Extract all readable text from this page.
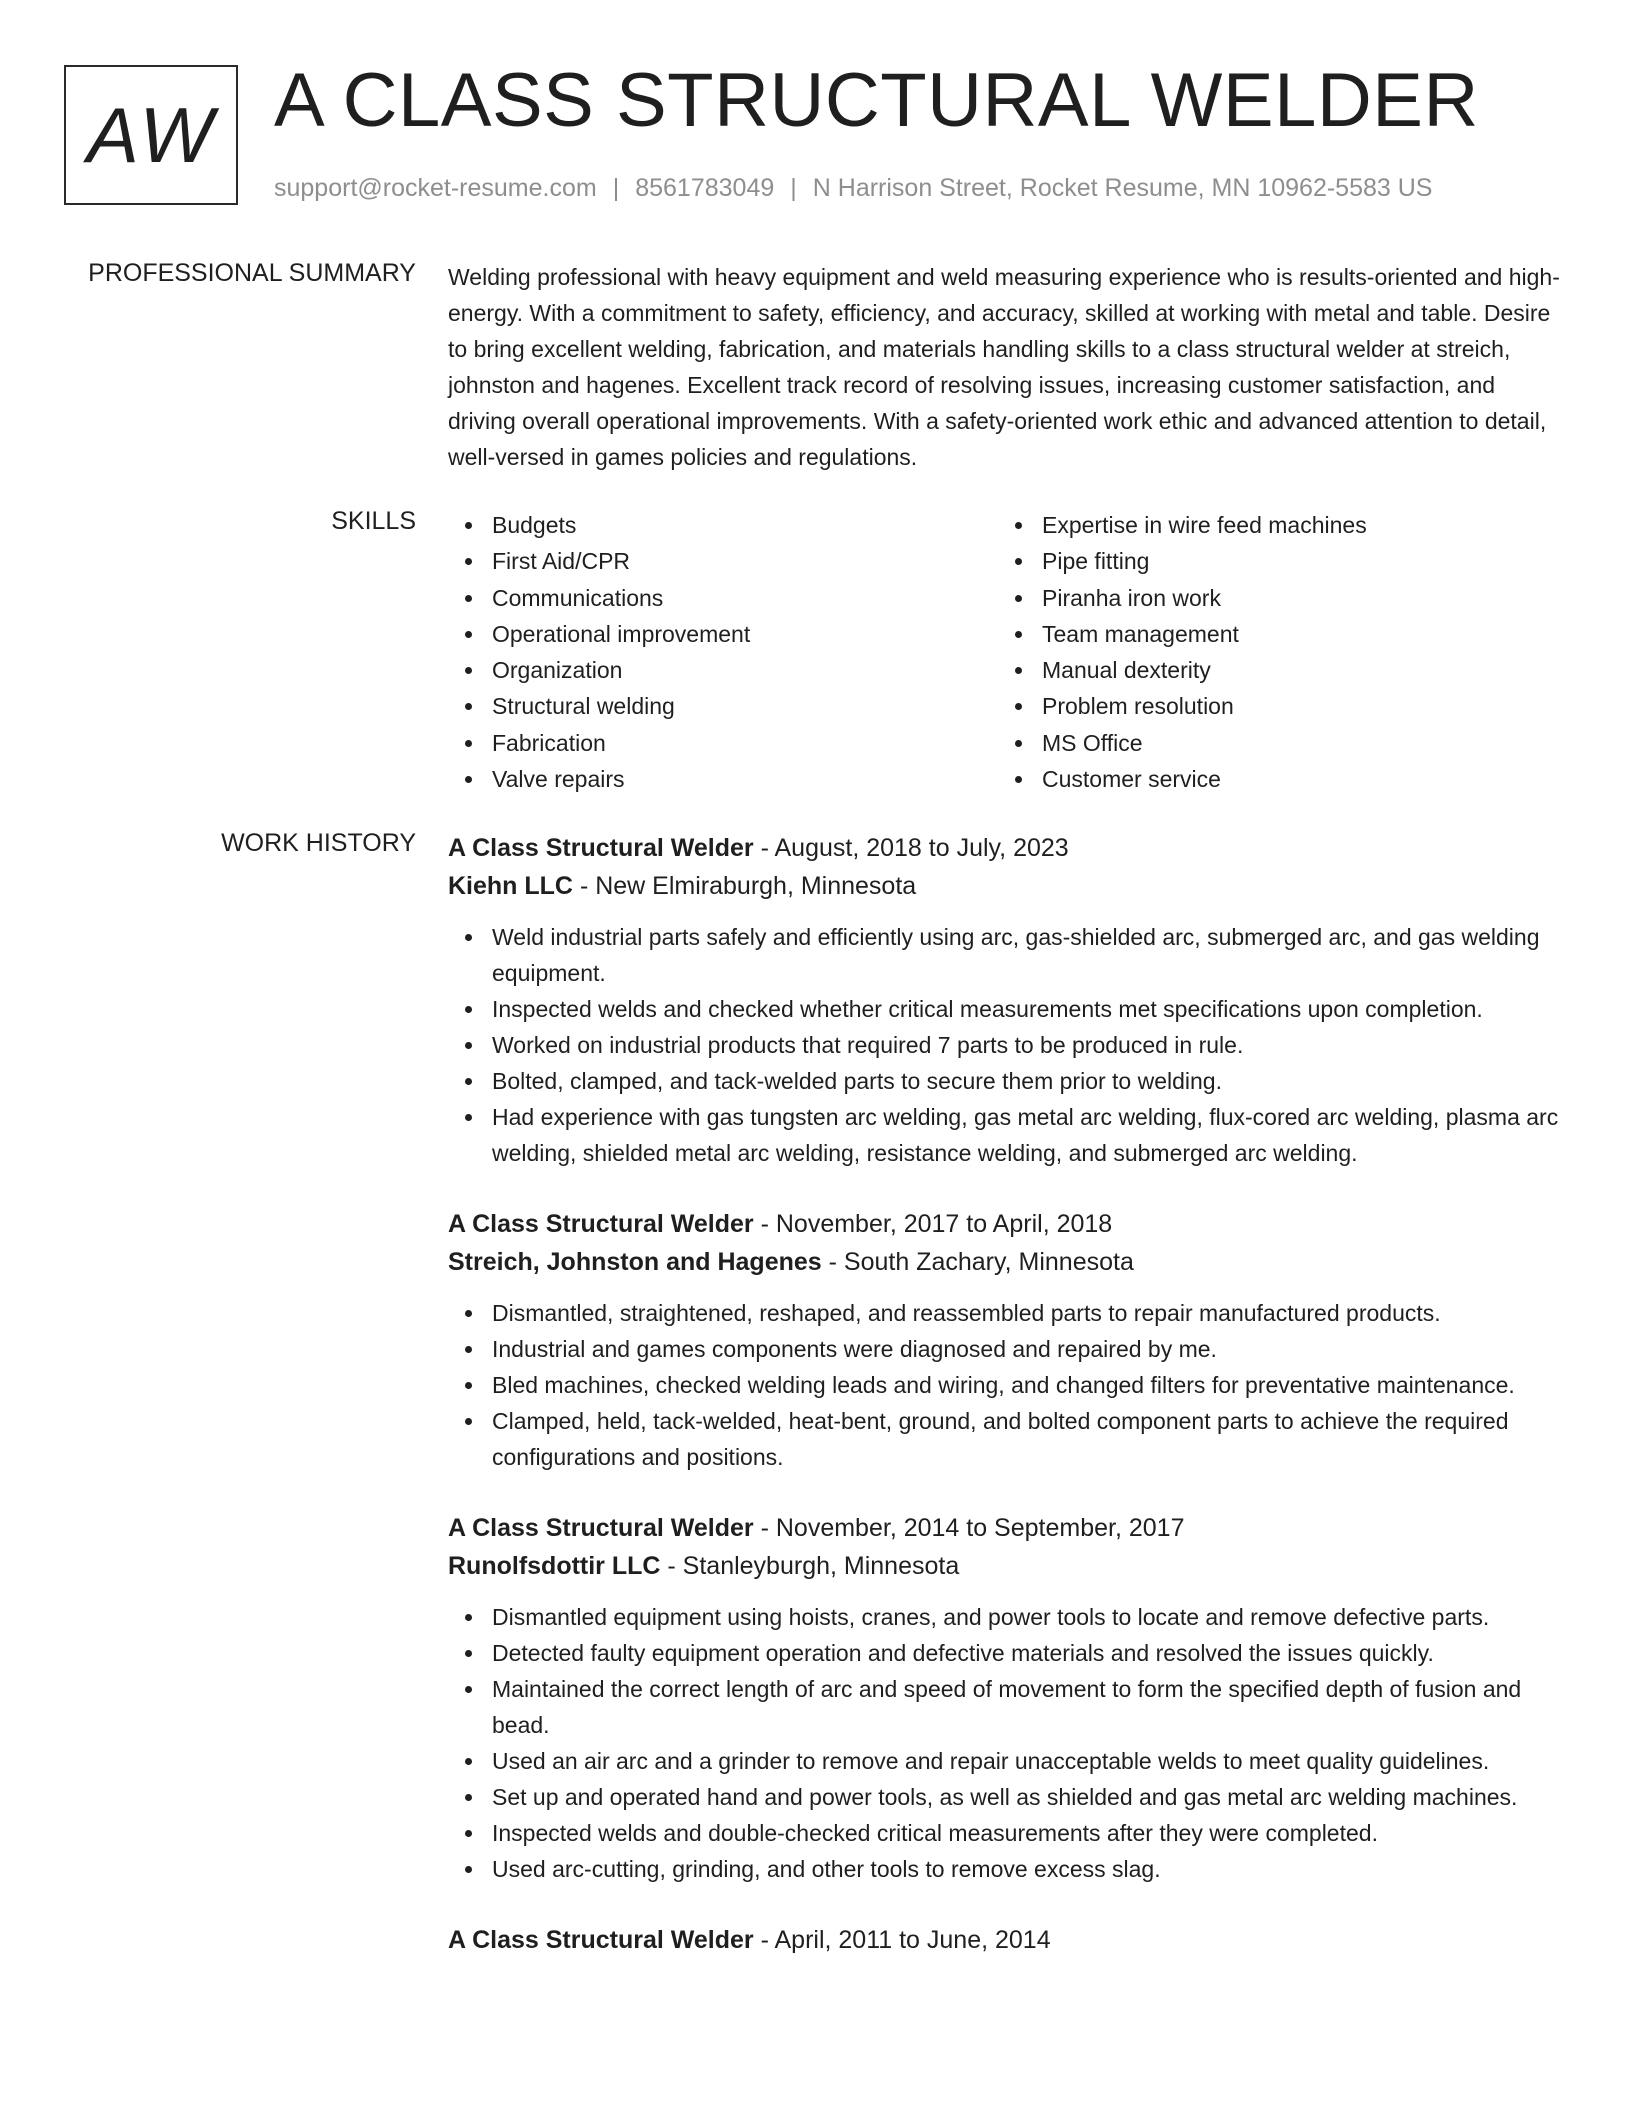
AW A CLASS STRUCTURAL WELDER
support@rocket-resume.com | 8561783049 | N Harrison Street, Rocket Resume, MN 10962-5583 US
PROFESSIONAL SUMMARY Welding professional with heavy equipment and weld measuring experience who is results-oriented and high-energy. With a commitment to safety, efficiency, and accuracy, skilled at working with metal and table. Desire to bring excellent welding, fabrication, and materials handling skills to a class structural welder at streich, johnston and hagenes. Excellent track record of resolving issues, increasing customer satisfaction, and driving overall operational improvements. With a safety-oriented work ethic and advanced attention to detail, well-versed in games policies and regulations.

SKILLS	Budgets
First Aid/CPR
Communications
Operational improvement
Organization
Structural welding
Fabrication
Valve repairs
Expertise in wire feed machines
Pipe fitting
Piranha iron work
Team management
Manual dexterity
Problem resolution
MS Office
Customer service
WORK HISTORY A Class Structural Welder - August, 2018 to July, 2023
Kiehn LLC - New Elmiraburgh, Minnesota
Weld industrial parts safely and efficiently using arc, gas-shielded arc, submerged arc, and gas welding equipment.
Inspected welds and checked whether critical measurements met specifications upon completion.
Worked on industrial products that required 7 parts to be produced in rule.
Bolted, clamped, and tack-welded parts to secure them prior to welding.
Had experience with gas tungsten arc welding, gas metal arc welding, flux-cored arc welding, plasma arc welding, shielded metal arc welding, resistance welding, and submerged arc welding.
A Class Structural Welder - November, 2017 to April, 2018
Streich, Johnston and Hagenes - South Zachary, Minnesota
Dismantled, straightened, reshaped, and reassembled parts to repair manufactured products.
Industrial and games components were diagnosed and repaired by me.
Bled machines, checked welding leads and wiring, and changed filters for preventative maintenance.
Clamped, held, tack-welded, heat-bent, ground, and bolted component parts to achieve the required configurations and positions.
A Class Structural Welder - November, 2014 to September, 2017
Runolfsdottir LLC - Stanleyburgh, Minnesota
Dismantled equipment using hoists, cranes, and power tools to locate and remove defective parts.
Detected faulty equipment operation and defective materials and resolved the issues quickly.
Maintained the correct length of arc and speed of movement to form the specified depth of fusion and bead.
Used an air arc and a grinder to remove and repair unacceptable welds to meet quality guidelines.
Set up and operated hand and power tools, as well as shielded and gas metal arc welding machines.
Inspected welds and double-checked critical measurements after they were completed.
Used arc-cutting, grinding, and other tools to remove excess slag.
A Class Structural Welder - April, 2011 to June, 2014
